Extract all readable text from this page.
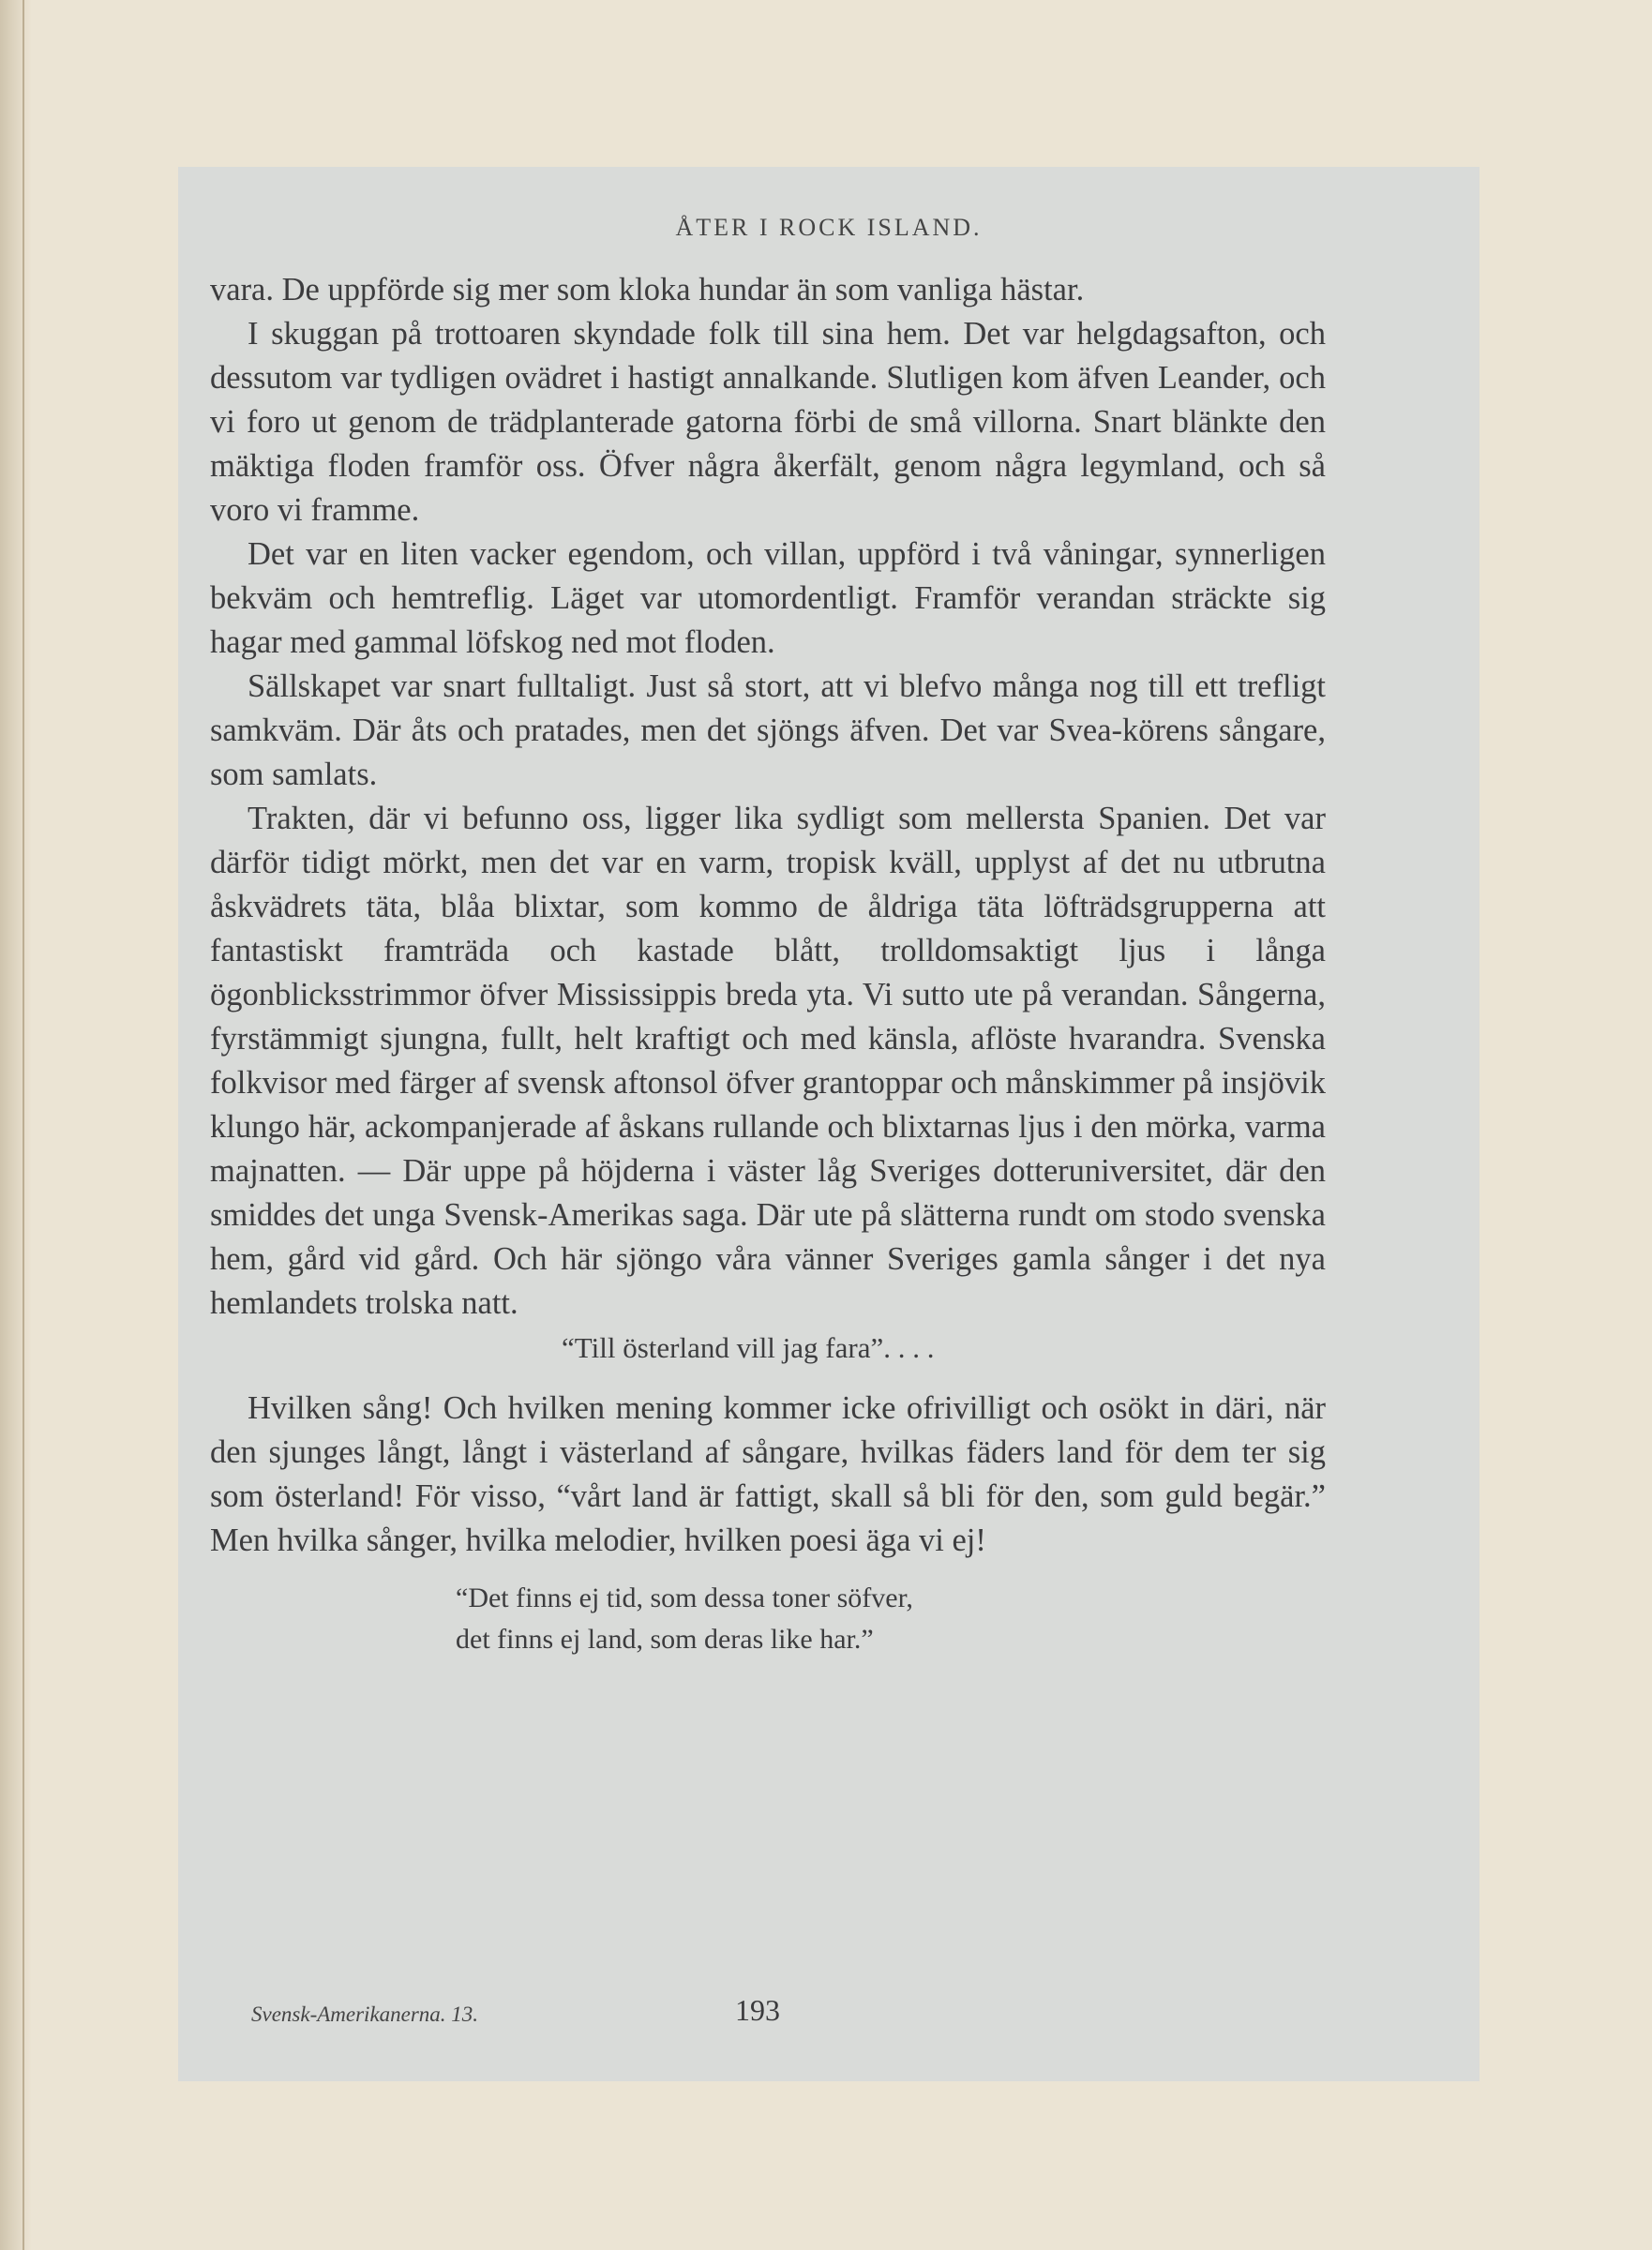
ÅTER I ROCK ISLAND.

vara. De uppförde sig mer som kloka hundar än som vanliga hästar.

I skuggan på trottoaren skyndade folk till sina hem. Det var helgdagsafton, och dessutom var tydligen ovädret i hastigt annalkande. Slutligen kom äfven Leander, och vi foro ut genom de trädplanterade gatorna förbi de små villorna. Snart blänkte den mäktiga floden framför oss. Öfver några åkerfält, genom några legymland, och så voro vi framme.

Det var en liten vacker egendom, och villan, uppförd i två våningar, synnerligen bekväm och hemtreflig. Läget var utomordentligt. Framför verandan sträckte sig hagar med gammal löfskog ned mot floden.

Sällskapet var snart fulltaligt. Just så stort, att vi blefvo många nog till ett trefligt samkväm. Där åts och pratades, men det sjöngs äfven. Det var Svea-körens sångare, som samlats.

Trakten, där vi befunno oss, ligger lika sydligt som mellersta Spanien. Det var därför tidigt mörkt, men det var en varm, tropisk kväll, upplyst af det nu utbrutna åskvädrets täta, blåa blixtar, som kommo de åldriga täta löfträdsgrupperna att fantastiskt framträda och kastade blått, trolldomsaktigt ljus i långa ögonblicksstrimmor öfver Mississippis breda yta. Vi sutto ute på verandan. Sångerna, fyrstämmigt sjungna, fullt, helt kraftigt och med känsla, aflöste hvarandra. Svenska folkvisor med färger af svensk aftonsol öfver grantoppar och månskimmer på insjövik klungo här, ackompanjerade af åskans rullande och blixtarnas ljus i den mörka, varma majnatten. — Där uppe på höjderna i väster låg Sveriges dotteruniversitet, där den smiddes det unga Svensk-Amerikas saga. Där ute på slätterna rundt om stodo svenska hem, gård vid gård. Och här sjöngo våra vänner Sveriges gamla sånger i det nya hemlandets trolska natt.

“Till österland vill jag fara”. . . .

Hvilken sång! Och hvilken mening kommer icke ofrivilligt och osökt in däri, när den sjunges långt, långt i västerland af sångare, hvilkas fäders land för dem ter sig som österland! För visso, “vårt land är fattigt, skall så bli för den, som guld begär.” Men hvilka sånger, hvilka melodier, hvilken poesi äga vi ej!

“Det finns ej tid, som dessa toner söfver,
det finns ej land, som deras like har.”
Svensk-Amerikanerna. 13.	193
